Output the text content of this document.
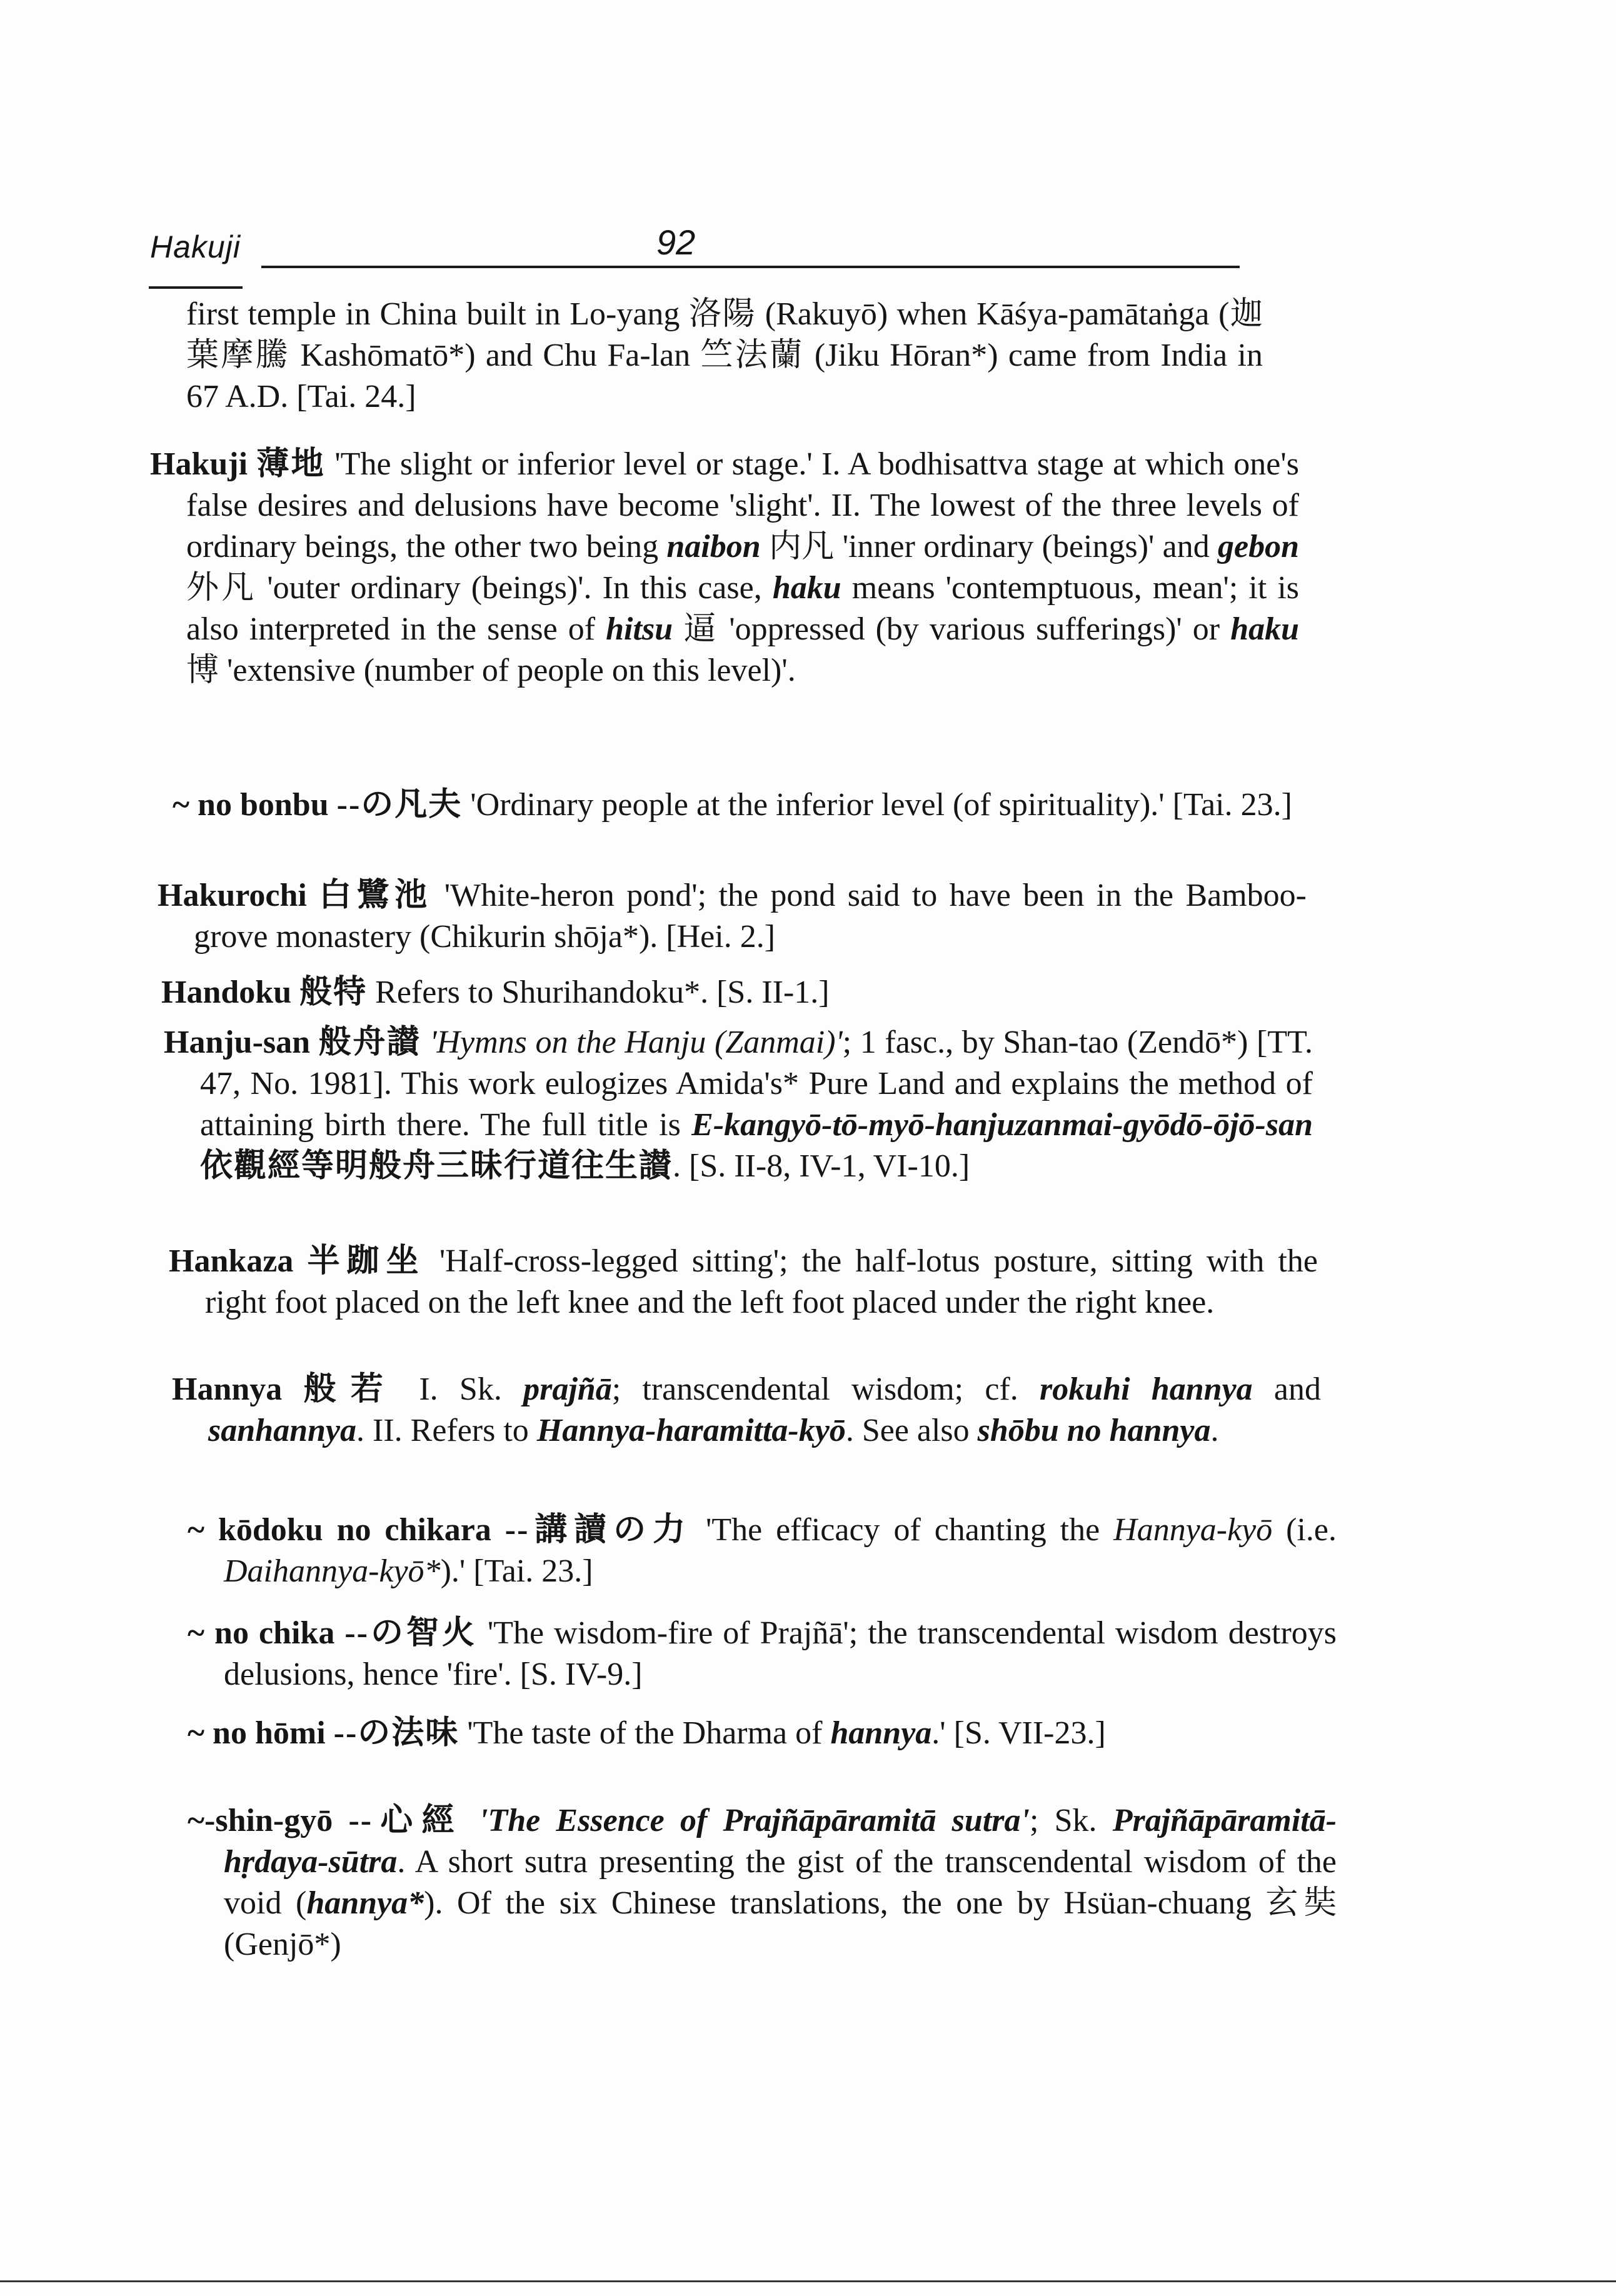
Hakuji	92

first temple in China built in Lo-yang 洛陽 (Rakuyō) when Kāśya-pamātaṅga (迦葉摩騰 Kashōmatō*) and Chu Fa-lan 竺法蘭 (Jiku Hōran*) came from India in 67 A.D. [Tai. 24.]

Hakuji 薄地 'The slight or inferior level or stage.' I. A bodhisattva stage at which one's false desires and delusions have become 'slight'. II. The lowest of the three levels of ordinary beings, the other two being naibon 内凡 'inner ordinary (beings)' and gebon 外凡 'outer ordinary (beings)'. In this case, haku means 'contemptuous, mean'; it is also interpreted in the sense of hitsu 逼 'oppressed (by various sufferings)' or haku 博 'extensive (number of people on this level)'.

~ no bonbu --の凡夫 'Ordinary people at the inferior level (of spirituality).' [Tai. 23.]

Hakurochi 白鷺池 'White-heron pond'; the pond said to have been in the Bamboo-grove monastery (Chikurin shōja*). [Hei. 2.]

Handoku 般特 Refers to Shurihandoku*. [S. II-1.]

Hanju-san 般舟讃 'Hymns on the Hanju (Zanmai)'; 1 fasc., by Shan-tao (Zendō*) [TT. 47, No. 1981]. This work eulogizes Amida's* Pure Land and explains the method of attaining birth there. The full title is E-kangyō-tō-myō-hanjuzanmai-gyōdō-ōjō-san 依觀經等明般舟三昧行道往生讃. [S. II-8, IV-1, VI-10.]

Hankaza 半跏坐 'Half-cross-legged sitting'; the half-lotus posture, sitting with the right foot placed on the left knee and the left foot placed under the right knee.

Hannya 般若 I. Sk. prajñā; transcendental wisdom; cf. rokuhi hannya and sanhannya. II. Refers to Hannya-haramitta-kyō. See also shōbu no hannya.

~ kōdoku no chikara --講讀の力 'The efficacy of chanting the Hannya-kyō (i.e. Daihannya-kyō*).' [Tai. 23.]

~ no chika --の智火 'The wisdom-fire of Prajñā'; the transcendental wisdom destroys delusions, hence 'fire'. [S. IV-9.]

~ no hōmi --の法味 'The taste of the Dharma of hannya.' [S. VII-23.]

~-shin-gyō --心經 'The Essence of Prajñāpāramitā sutra'; Sk. Prajñāpāramitā-hṛdaya-sūtra. A short sutra presenting the gist of the transcendental wisdom of the void (hannya*). Of the six Chinese translations, the one by Hsüan-chuang 玄奘 (Genjō*)
